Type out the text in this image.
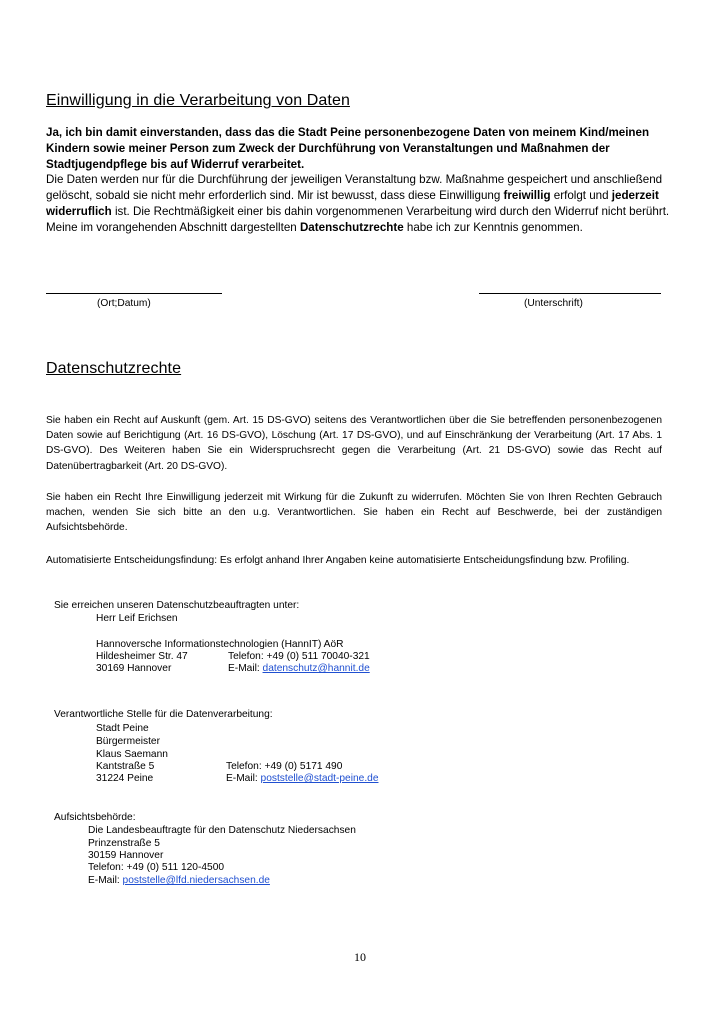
Einwilligung in die Verarbeitung von Daten
Ja, ich bin damit einverstanden, dass das die Stadt Peine personenbezogene Daten von meinem Kind/meinen Kindern sowie meiner Person zum Zweck der Durchführung von Veranstaltungen und Maßnahmen der Stadtjugendpflege bis auf Widerruf verarbeitet.
Die Daten werden nur für die Durchführung der jeweiligen Veranstaltung bzw. Maßnahme gespeichert und anschließend gelöscht, sobald sie nicht mehr erforderlich sind. Mir ist bewusst, dass diese Einwilligung freiwillig erfolgt und jederzeit widerruflich ist. Die Rechtmäßigkeit einer bis dahin vorgenommenen Verarbeitung wird durch den Widerruf nicht berührt. Meine im vorangehenden Abschnitt dargestellten Datenschutzrechte habe ich zur Kenntnis genommen.
(Ort;Datum)	(Unterschrift)
Datenschutzrechte
Sie haben ein Recht auf Auskunft (gem. Art. 15 DS-GVO) seitens des Verantwortlichen über die Sie betreffenden personenbezogenen Daten sowie auf Berichtigung (Art. 16 DS-GVO), Löschung (Art. 17 DS-GVO), und auf Einschränkung der Verarbeitung (Art. 17 Abs. 1 DS-GVO). Des Weiteren haben Sie ein Widerspruchsrecht gegen die Verarbeitung (Art. 21 DS-GVO) sowie das Recht auf Datenübertragbarkeit (Art. 20 DS-GVO).
Sie haben ein Recht Ihre Einwilligung jederzeit mit Wirkung für die Zukunft zu widerrufen. Möchten Sie von Ihren Rechten Gebrauch machen, wenden Sie sich bitte an den u.g. Verantwortlichen. Sie haben ein Recht auf Beschwerde, bei der zuständigen Aufsichtsbehörde.
Automatisierte Entscheidungsfindung: Es erfolgt anhand Ihrer Angaben keine automatisierte Entscheidungsfindung bzw. Profiling.
Sie erreichen unseren Datenschutzbeauftragten unter:
Herr Leif Erichsen
Hannoversche Informationstechnologien (HannIT) AöR
Hildesheimer Str. 47	Telefon: +49 (0) 511 70040-321
30169 Hannover	E-Mail: datenschutz@hannit.de
Verantwortliche Stelle für die Datenverarbeitung:
Stadt Peine
Bürgermeister
Klaus Saemann
Kantstraße 5	Telefon: +49 (0) 5171 490
31224 Peine	E-Mail: poststelle@stadt-peine.de
Aufsichtsbehörde:
Die Landesbeauftragte für den Datenschutz Niedersachsen
Prinzenstraße 5
30159 Hannover
Telefon: +49 (0) 511 120-4500
E-Mail: poststelle@lfd.niedersachsen.de
10
